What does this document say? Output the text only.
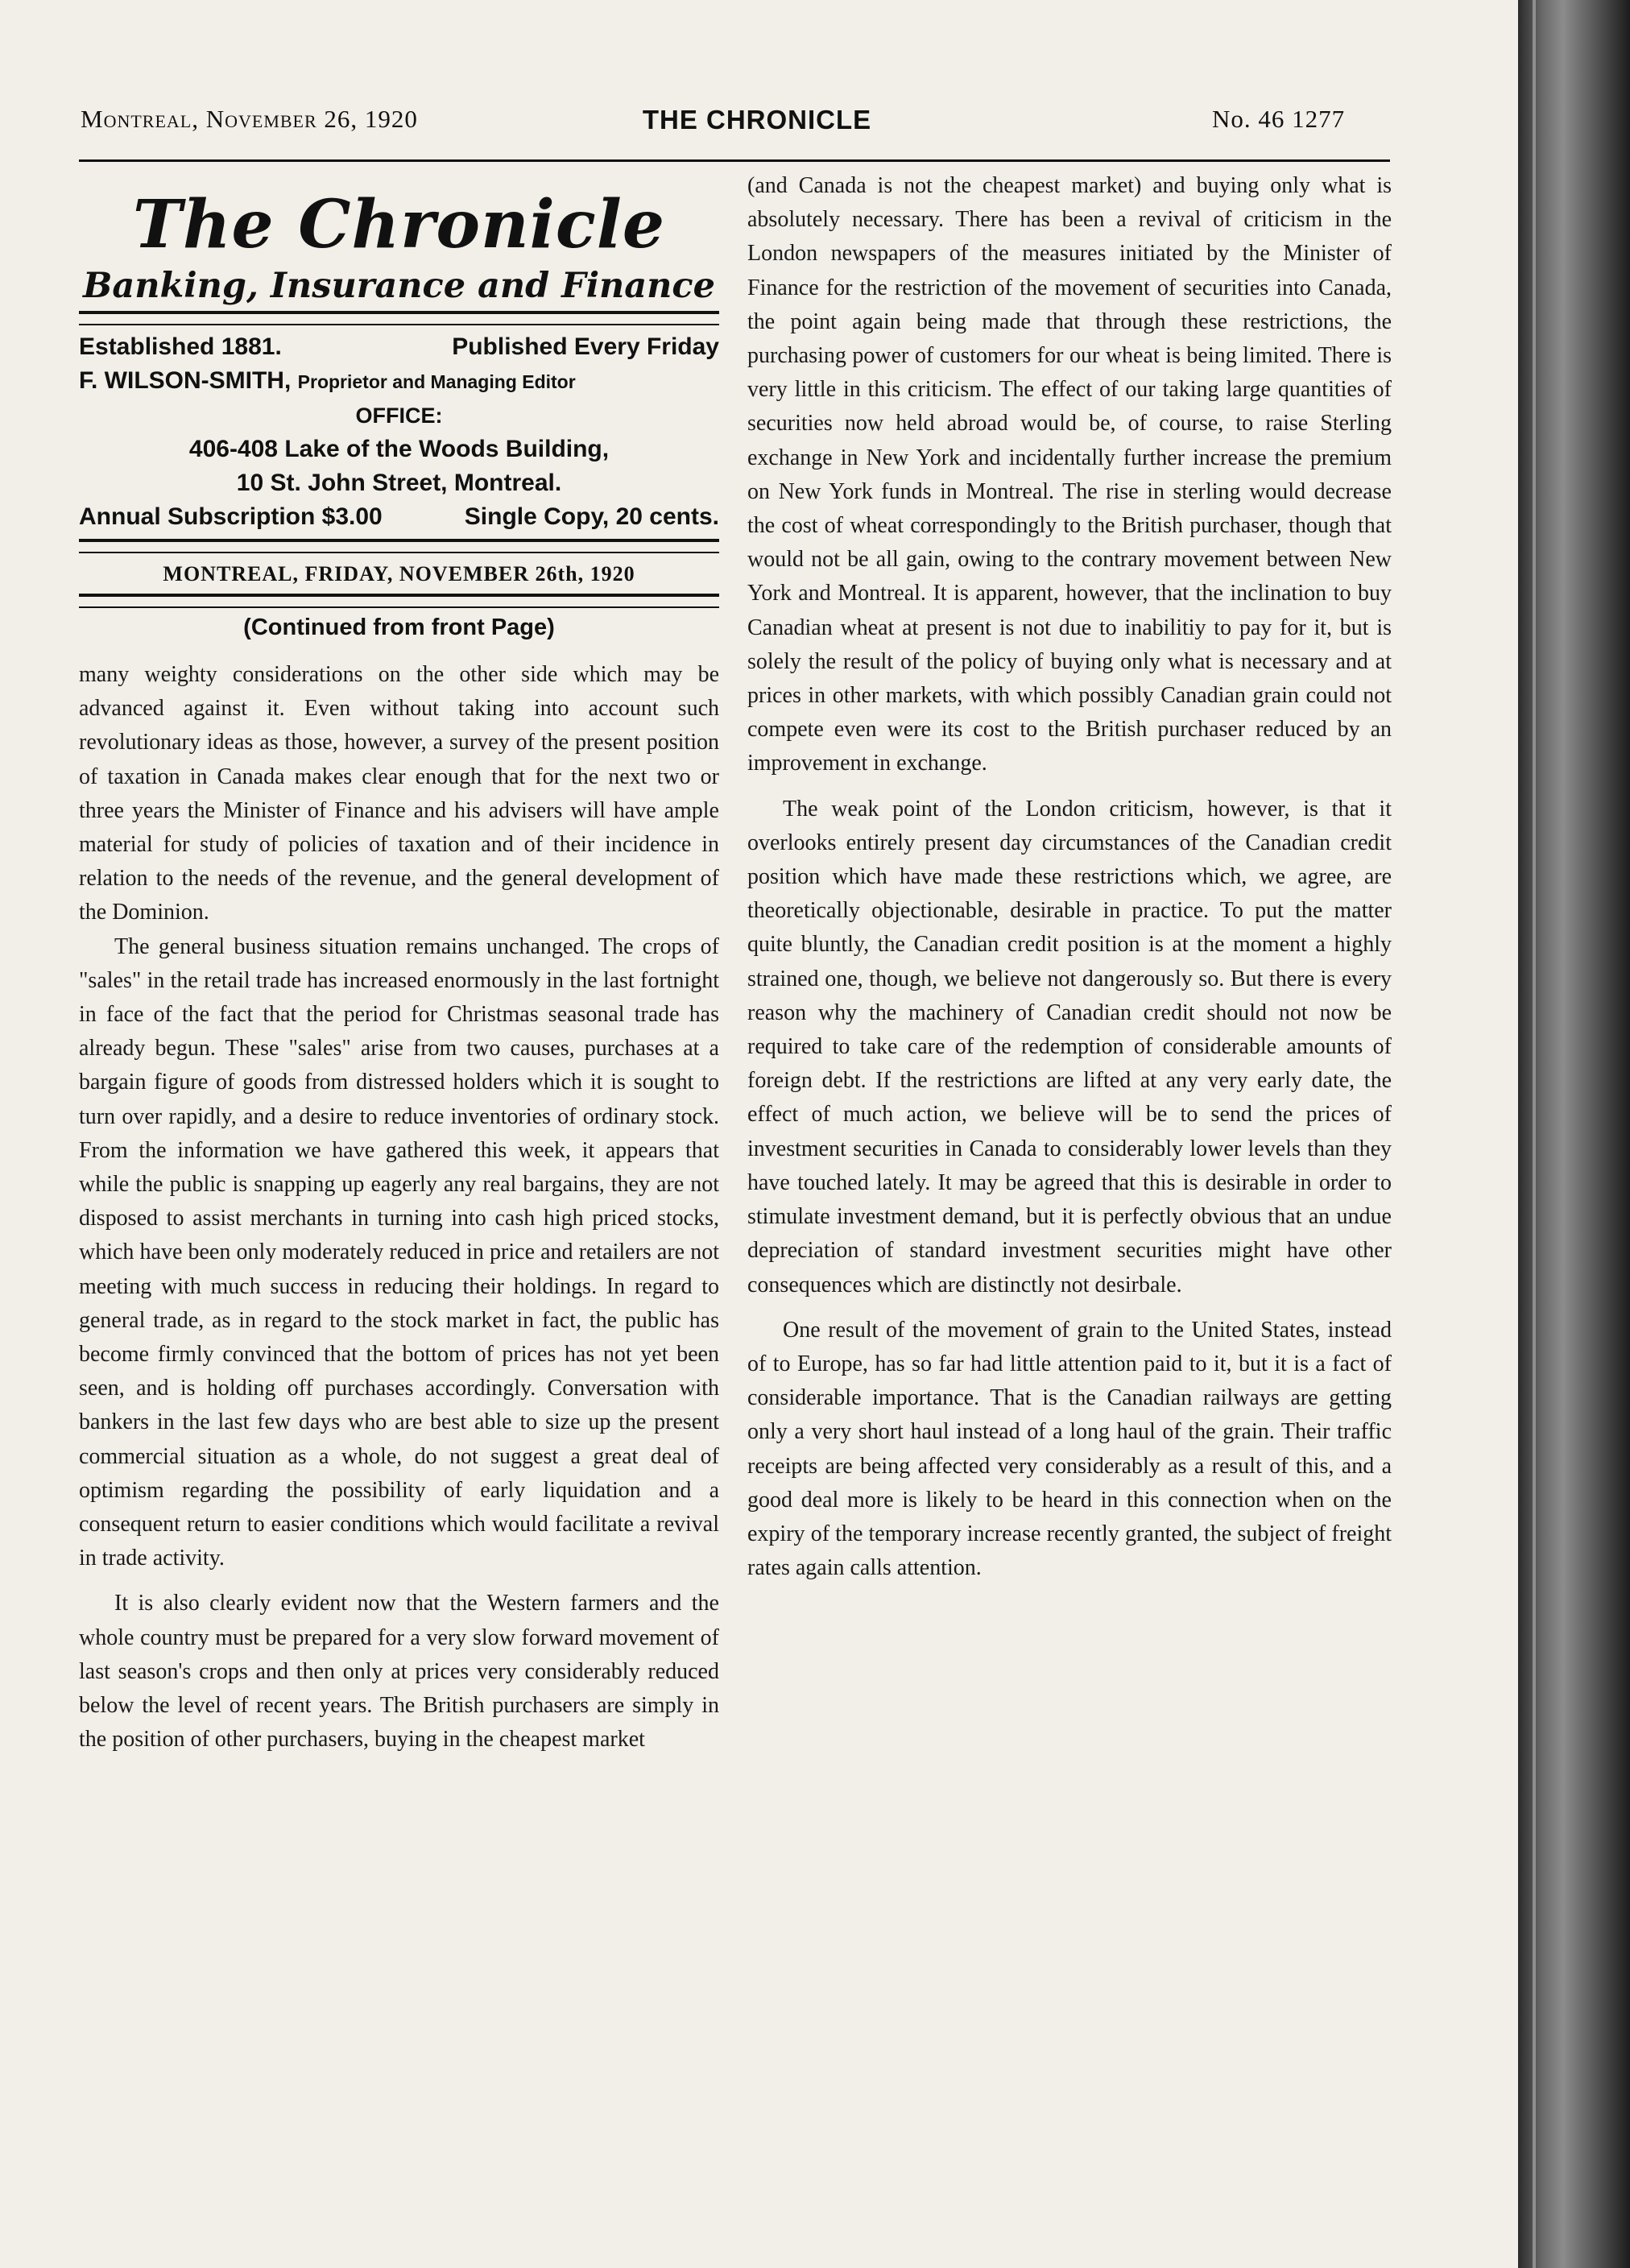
Montreal, November 26, 1920	THE CHRONICLE	No. 46 1277
The Chronicle
Banking, Insurance and Finance
Established 1881.	Published Every Friday
F. WILSON-SMITH, Proprietor and Managing Editor
OFFICE:
406-408 Lake of the Woods Building,
10 St. John Street, Montreal.
Annual Subscription $3.00	Single Copy, 20 cents.
MONTREAL, FRIDAY, NOVEMBER 26th, 1920
(Continued from front Page)

many weighty considerations on the other side which may be advanced against it. Even without taking into account such revolutionary ideas as those, however, a survey of the present position of taxation in Canada makes clear enough that for the next two or three years the Minister of Finance and his advisers will have ample material for study of policies of taxation and of their incidence in relation to the needs of the revenue, and the general development of the Dominion.

The general business situation remains unchanged. The crops of "sales" in the retail trade has increased enormously in the last fortnight in face of the fact that the period for Christmas seasonal trade has already begun. These "sales" arise from two causes, purchases at a bargain figure of goods from distressed holders which it is sought to turn over rapidly, and a desire to reduce inventories of ordinary stock. From the information we have gathered this week, it appears that while the public is snapping up eagerly any real bargains, they are not disposed to assist merchants in turning into cash high priced stocks, which have been only moderately reduced in price and retailers are not meeting with much success in reducing their holdings. In regard to general trade, as in regard to the stock market in fact, the public has become firmly convinced that the bottom of prices has not yet been seen, and is holding off purchases accordingly. Conversation with bankers in the last few days who are best able to size up the present commercial situation as a whole, do not suggest a great deal of optimism regarding the possibility of early liquidation and a consequent return to easier conditions which would facilitate a revival in trade activity.

It is also clearly evident now that the Western farmers and the whole country must be prepared for a very slow forward movement of last season's crops and then only at prices very considerably reduced below the level of recent years. The British purchasers are simply in the position of other purchasers, buying in the cheapest market

(and Canada is not the cheapest market) and buying only what is absolutely necessary. There has been a revival of criticism in the London newspapers of the measures initiated by the Minister of Finance for the restriction of the movement of securities into Canada, the point again being made that through these restrictions, the purchasing power of customers for our wheat is being limited. There is very little in this criticism. The effect of our taking large quantities of securities now held abroad would be, of course, to raise Sterling exchange in New York and incidentally further increase the premium on New York funds in Montreal. The rise in sterling would decrease the cost of wheat correspondingly to the British purchaser, though that would not be all gain, owing to the contrary movement between New York and Montreal. It is apparent, however, that the inclination to buy Canadian wheat at present is not due to inabilitiy to pay for it, but is solely the result of the policy of buying only what is necessary and at prices in other markets, with which possibly Canadian grain could not compete even were its cost to the British purchaser reduced by an improvement in exchange.

The weak point of the London criticism, however, is that it overlooks entirely present day circumstances of the Canadian credit position which have made these restrictions which, we agree, are theoretically objectionable, desirable in practice. To put the matter quite bluntly, the Canadian credit position is at the moment a highly strained one, though, we believe not dangerously so. But there is every reason why the machinery of Canadian credit should not now be required to take care of the redemption of considerable amounts of foreign debt. If the restrictions are lifted at any very early date, the effect of much action, we believe will be to send the prices of investment securities in Canada to considerably lower levels than they have touched lately. It may be agreed that this is desirable in order to stimulate investment demand, but it is perfectly obvious that an undue depreciation of standard investment securities might have other consequences which are distinctly not desirbale.

One result of the movement of grain to the United States, instead of to Europe, has so far had little attention paid to it, but it is a fact of considerable importance. That is the Canadian railways are getting only a very short haul instead of a long haul of the grain. Their traffic receipts are being affected very considerably as a result of this, and a good deal more is likely to be heard in this connection when on the expiry of the temporary increase recently granted, the subject of freight rates again calls attention.
